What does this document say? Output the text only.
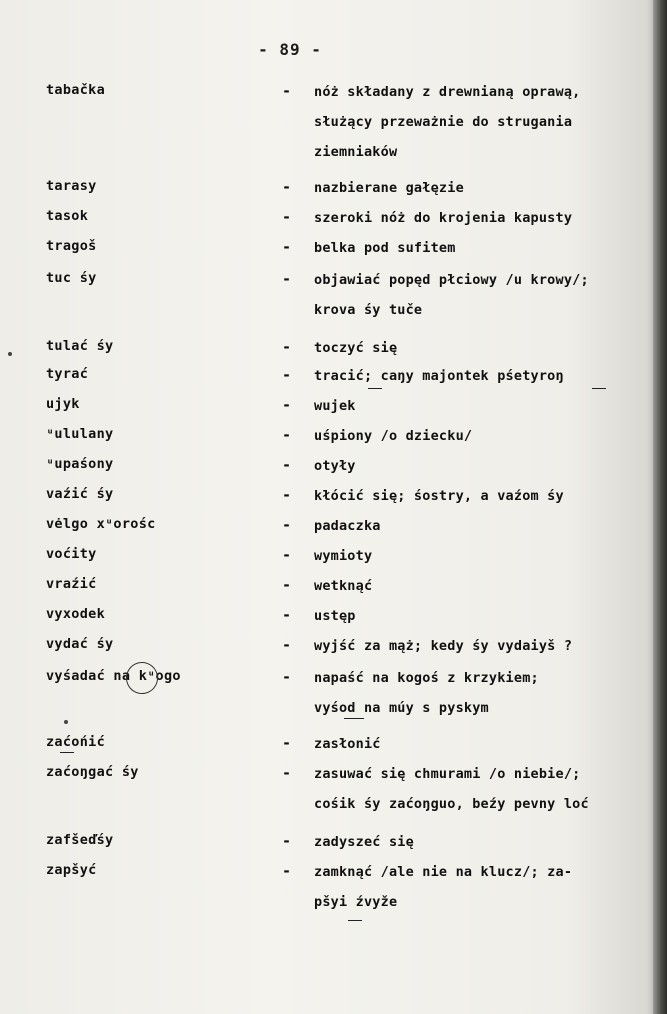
- 89 -
tabačka	- nóż składany z drewnianą oprawą,
służący przeważnie do strugania
ziemniaków
tarasy	- nazbierane gałęzie
tasok	- szeroki nóż do krojenia kapusty
tragoš	- belka pod sufitem
tuc śy	- objawiać popęd płciowy /u krowy/;
krova śy tuče
tulać śy	- toczyć się
tyrać	- tracić; caŋy majontek pśetyroŋ
ujyk	- wujek
ᵘululany	- uśpiony /o dziecku/
ᵘupaśony	- otyły
vaźić śy	- kłócić się; śostry, a vaźom śy
vėlgo xᵘorośc	- padaczka
voćity	- wymioty
vraźić	- wetknąć
vyxodek	- ustęp
vydać śy	- wyjść za mąż; kedy śy vydaiyš ?
vyśadać na kᵘogo	- napaść na kogoś z krzykiem;
vyśod na múy s pyskym
zaćońić	- zasłonić
zaćoŋgać śy	- zasuwać się chmurami /o niebie/;
cośik śy zaćoŋguo, beźy pevny loć
zafšeďśy	- zadyszeć się
zapšyć	- zamknąć /ale nie na klucz/; za-
pšyi źvyže
